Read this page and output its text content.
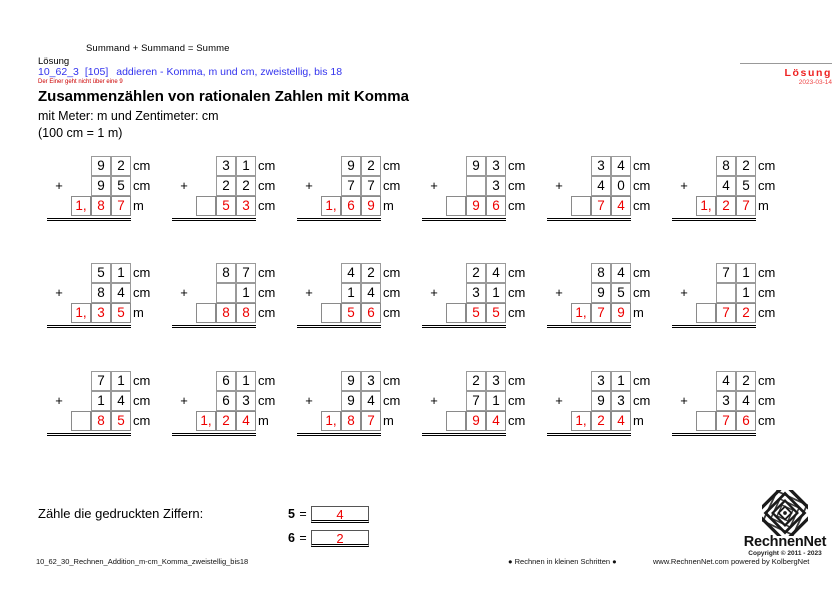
Summand + Summand = Summe
Lösung
10_62_3 [105] addieren - Komma, m und cm, zweistellig, bis 18
Der Einer geht nicht über eine 9
Zusammenzählen von rationalen Zahlen mit Komma
mit Meter: m und Zentimeter: cm
(100 cm = 1 m)
Lösung
2023-03-14
9 2 cm
+	9 5 cm
1, 8 7 m
3 1 cm
+	2 2 cm
5 3 cm
9 2 cm
+	7 7 cm
1, 6 9 m
9 3 cm
+	3 cm
9 6 cm
3 4 cm
+	4 0 cm
7 4 cm
8 2 cm
+	4 5 cm
1, 2 7 m
5 1 cm
+	8 4 cm
1, 3 5 m
8 7 cm
+	1 cm
8 8 cm
4 2 cm
+	1 4 cm
5 6 cm
2 4 cm
+	3 1 cm
5 5 cm
8 4 cm
+	9 5 cm
1, 7 9 m
7 1 cm
+	1 cm
7 2 cm
7 1 cm
+	1 4 cm
8 5 cm
6 1 cm
+	6 3 cm
1, 2 4 m
9 3 cm
+	9 4 cm
1, 8 7 m
2 3 cm
+	7 1 cm
9 4 cm
3 1 cm
+	9 3 cm
1, 2 4 m
4 2 cm
+	3 4 cm
7 6 cm
Zähle die gedruckten Ziffern:	5 =	4
6 =	2	RechnenNet
Copyright © 2011 - 2023
10_62_30_Rechnen_Addition_m-cm_Komma_zweistellig_bis18	● Rechnen in kleinen Schritten ●	www.RechnenNet.com powered by KolbergNet
